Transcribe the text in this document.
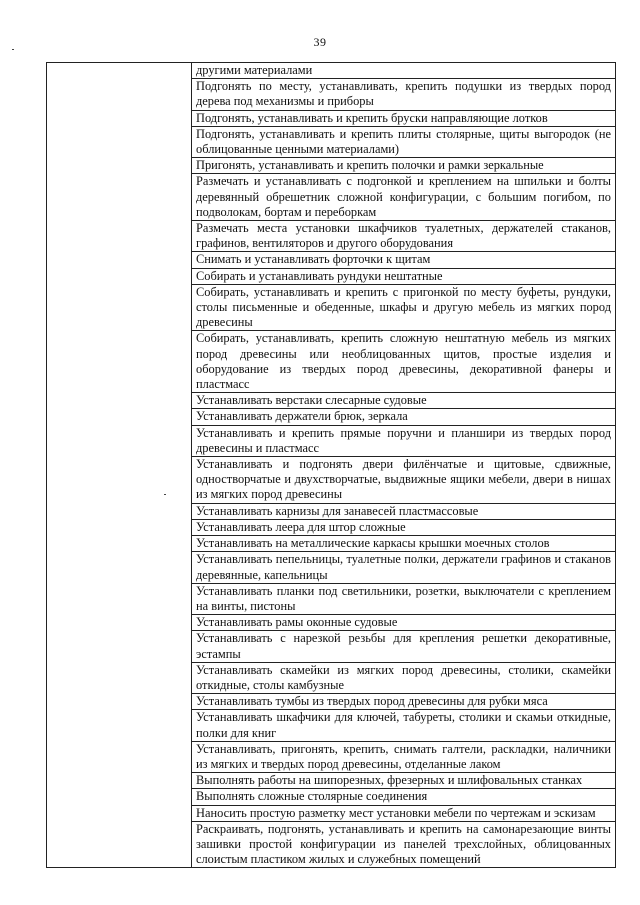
39
	другими материалами
	Подгонять по месту, устанавливать, крепить подушки из твердых пород дерева под механизмы и приборы
	Подгонять, устанавливать и крепить бруски направляющие лотков
	Подгонять, устанавливать и крепить плиты столярные, щиты выгородок (не облицованные ценными материалами)
	Пригонять, устанавливать и крепить полочки и рамки зеркальные
	Размечать и устанавливать с подгонкой и креплением на шпильки и болты деревянный обрешетник сложной конфигурации, с большим погибом, по подволокам, бортам и переборкам
	Размечать места установки шкафчиков туалетных, держателей стаканов, графинов, вентиляторов и другого оборудования
	Снимать и устанавливать форточки к щитам
	Собирать и устанавливать рундуки нештатные
	Собирать, устанавливать и крепить с пригонкой по месту буфеты, рундуки, столы письменные и обеденные, шкафы и другую мебель из мягких пород древесины
	Собирать, устанавливать, крепить сложную нештатную мебель из мягких пород древесины или необлицованных щитов, простые изделия и оборудование из твердых пород древесины, декоративной фанеры и пластмасс
	Устанавливать верстаки слесарные судовые
	Устанавливать держатели брюк, зеркала
	Устанавливать и крепить прямые поручни и планшири из твердых пород древесины и пластмасс
	Устанавливать и подгонять двери филёнчатые и щитовые, сдвижные, одностворчатые и двухстворчатые, выдвижные ящики мебели, двери в нишах из мягких пород древесины
	Устанавливать карнизы для занавесей пластмассовые
	Устанавливать леера для штор сложные
	Устанавливать на металлические каркасы крышки моечных столов
	Устанавливать пепельницы, туалетные полки, держатели графинов и стаканов деревянные, капельницы
	Устанавливать планки под светильники, розетки, выключатели с креплением на винты, пистоны
	Устанавливать рамы оконные судовые
	Устанавливать с нарезкой резьбы для крепления решетки декоративные, эстампы
	Устанавливать скамейки из мягких пород древесины, столики, скамейки откидные, столы камбузные
	Устанавливать тумбы из твердых пород древесины для рубки мяса
	Устанавливать шкафчики для ключей, табуреты, столики и скамьи откидные, полки для книг
	Устанавливать, пригонять, крепить, снимать галтели, раскладки, наличники из мягких и твердых пород древесины, отделанные лаком
	Выполнять работы на шипорезных, фрезерных и шлифовальных станках
	Выполнять сложные столярные соединения
	Наносить простую разметку мест установки мебели по чертежам и эскизам
	Раскраивать, подгонять, устанавливать и крепить на самонарезающие винты зашивки простой конфигурации из панелей трехслойных, облицованных слоистым пластиком жилых и служебных помещений
